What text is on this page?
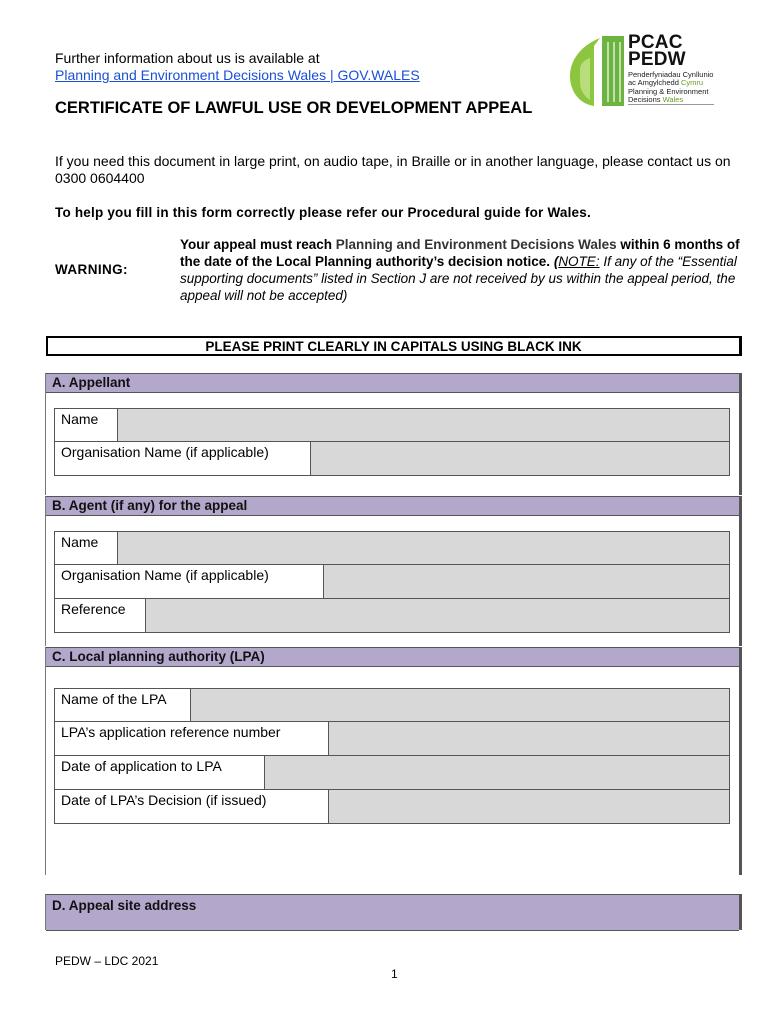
Further information about us is available at
Planning and Environment Decisions Wales | GOV.WALES
PCAC
PEDW
Penderfyniadau Cynllunio
ac Amgylchedd Cymru
Planning & Environment
Decisions Wales
CERTIFICATE OF LAWFUL USE OR DEVELOPMENT APPEAL
If you need this document in large print, on audio tape, in Braille or in another language, please contact us on 0300 0604400
To help you fill in this form correctly please refer our Procedural guide for Wales.
WARNING:
Your appeal must reach Planning and Environment Decisions Wales within 6 months of the date of the Local Planning authority’s decision notice. (NOTE: If any of the “Essential supporting documents” listed in Section J are not received by us within the appeal period, the appeal will not be accepted)
PLEASE PRINT CLEARLY IN CAPITALS USING BLACK INK
A. Appellant
Name
Organisation Name (if applicable)
B. Agent (if any) for the appeal
Name
Organisation Name (if applicable)
Reference
C. Local planning authority (LPA)
Name of the LPA
LPA’s application reference number
Date of application to LPA
Date of LPA’s Decision (if issued)
D. Appeal site address
PEDW – LDC 2021
1
